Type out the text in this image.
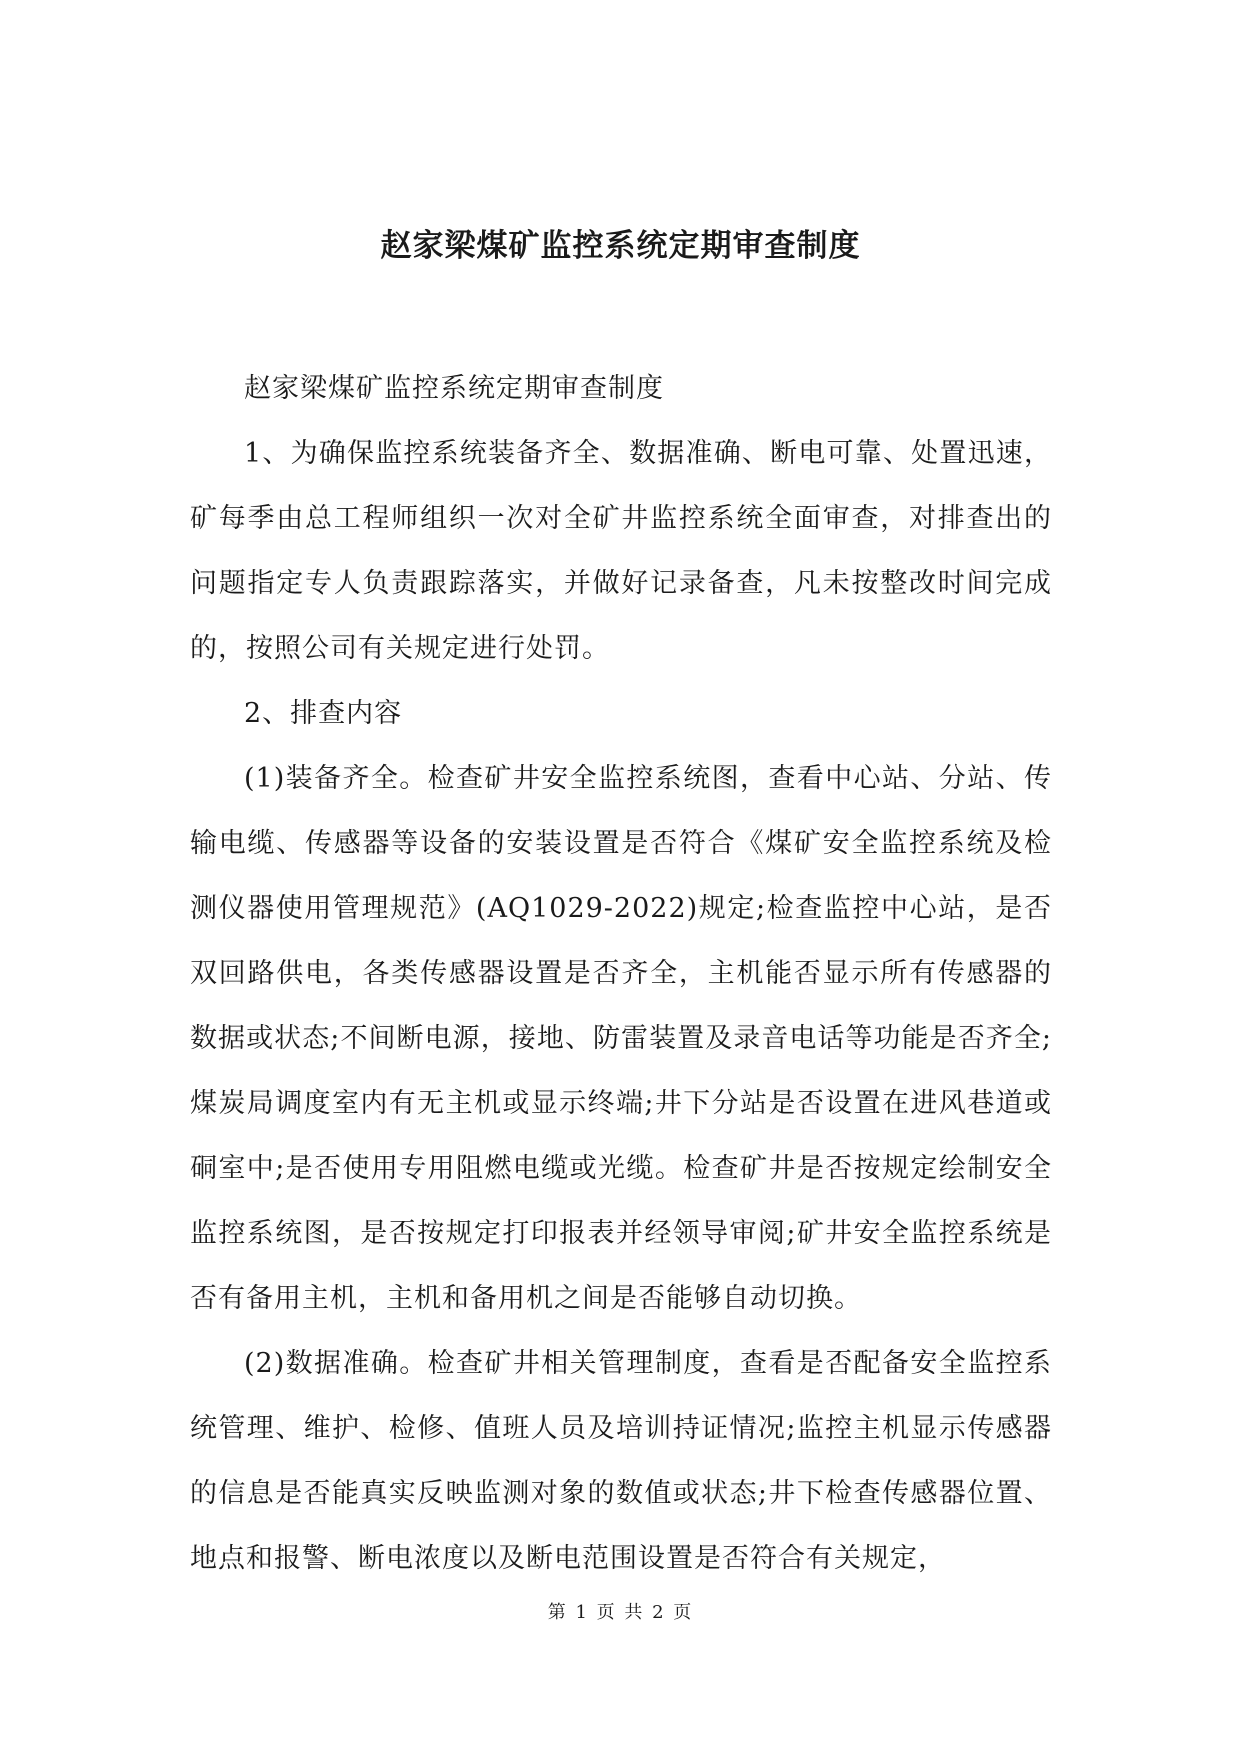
赵家梁煤矿监控系统定期审查制度

赵家梁煤矿监控系统定期审查制度

1、为确保监控系统装备齐全、数据准确、断电可靠、处置迅速，矿每季由总工程师组织一次对全矿井监控系统全面审查，对排查出的问题指定专人负责跟踪落实，并做好记录备查，凡未按整改时间完成的，按照公司有关规定进行处罚。

2、排查内容

(1)装备齐全。检查矿井安全监控系统图，查看中心站、分站、传输电缆、传感器等设备的安装设置是否符合《煤矿安全监控系统及检测仪器使用管理规范》(AQ1029-2022)规定;检查监控中心站，是否双回路供电，各类传感器设置是否齐全，主机能否显示所有传感器的数据或状态;不间断电源，接地、防雷装置及录音电话等功能是否齐全;煤炭局调度室内有无主机或显示终端;井下分站是否设置在进风巷道或硐室中;是否使用专用阻燃电缆或光缆。检查矿井是否按规定绘制安全监控系统图，是否按规定打印报表并经领导审阅;矿井安全监控系统是否有备用主机，主机和备用机之间是否能够自动切换。

(2)数据准确。检查矿井相关管理制度，查看是否配备安全监控系统管理、维护、检修、值班人员及培训持证情况;监控主机显示传感器的信息是否能真实反映监测对象的数值或状态;井下检查传感器位置、地点和报警、断电浓度以及断电范围设置是否符合有关规定，

第 1 页 共 2 页
